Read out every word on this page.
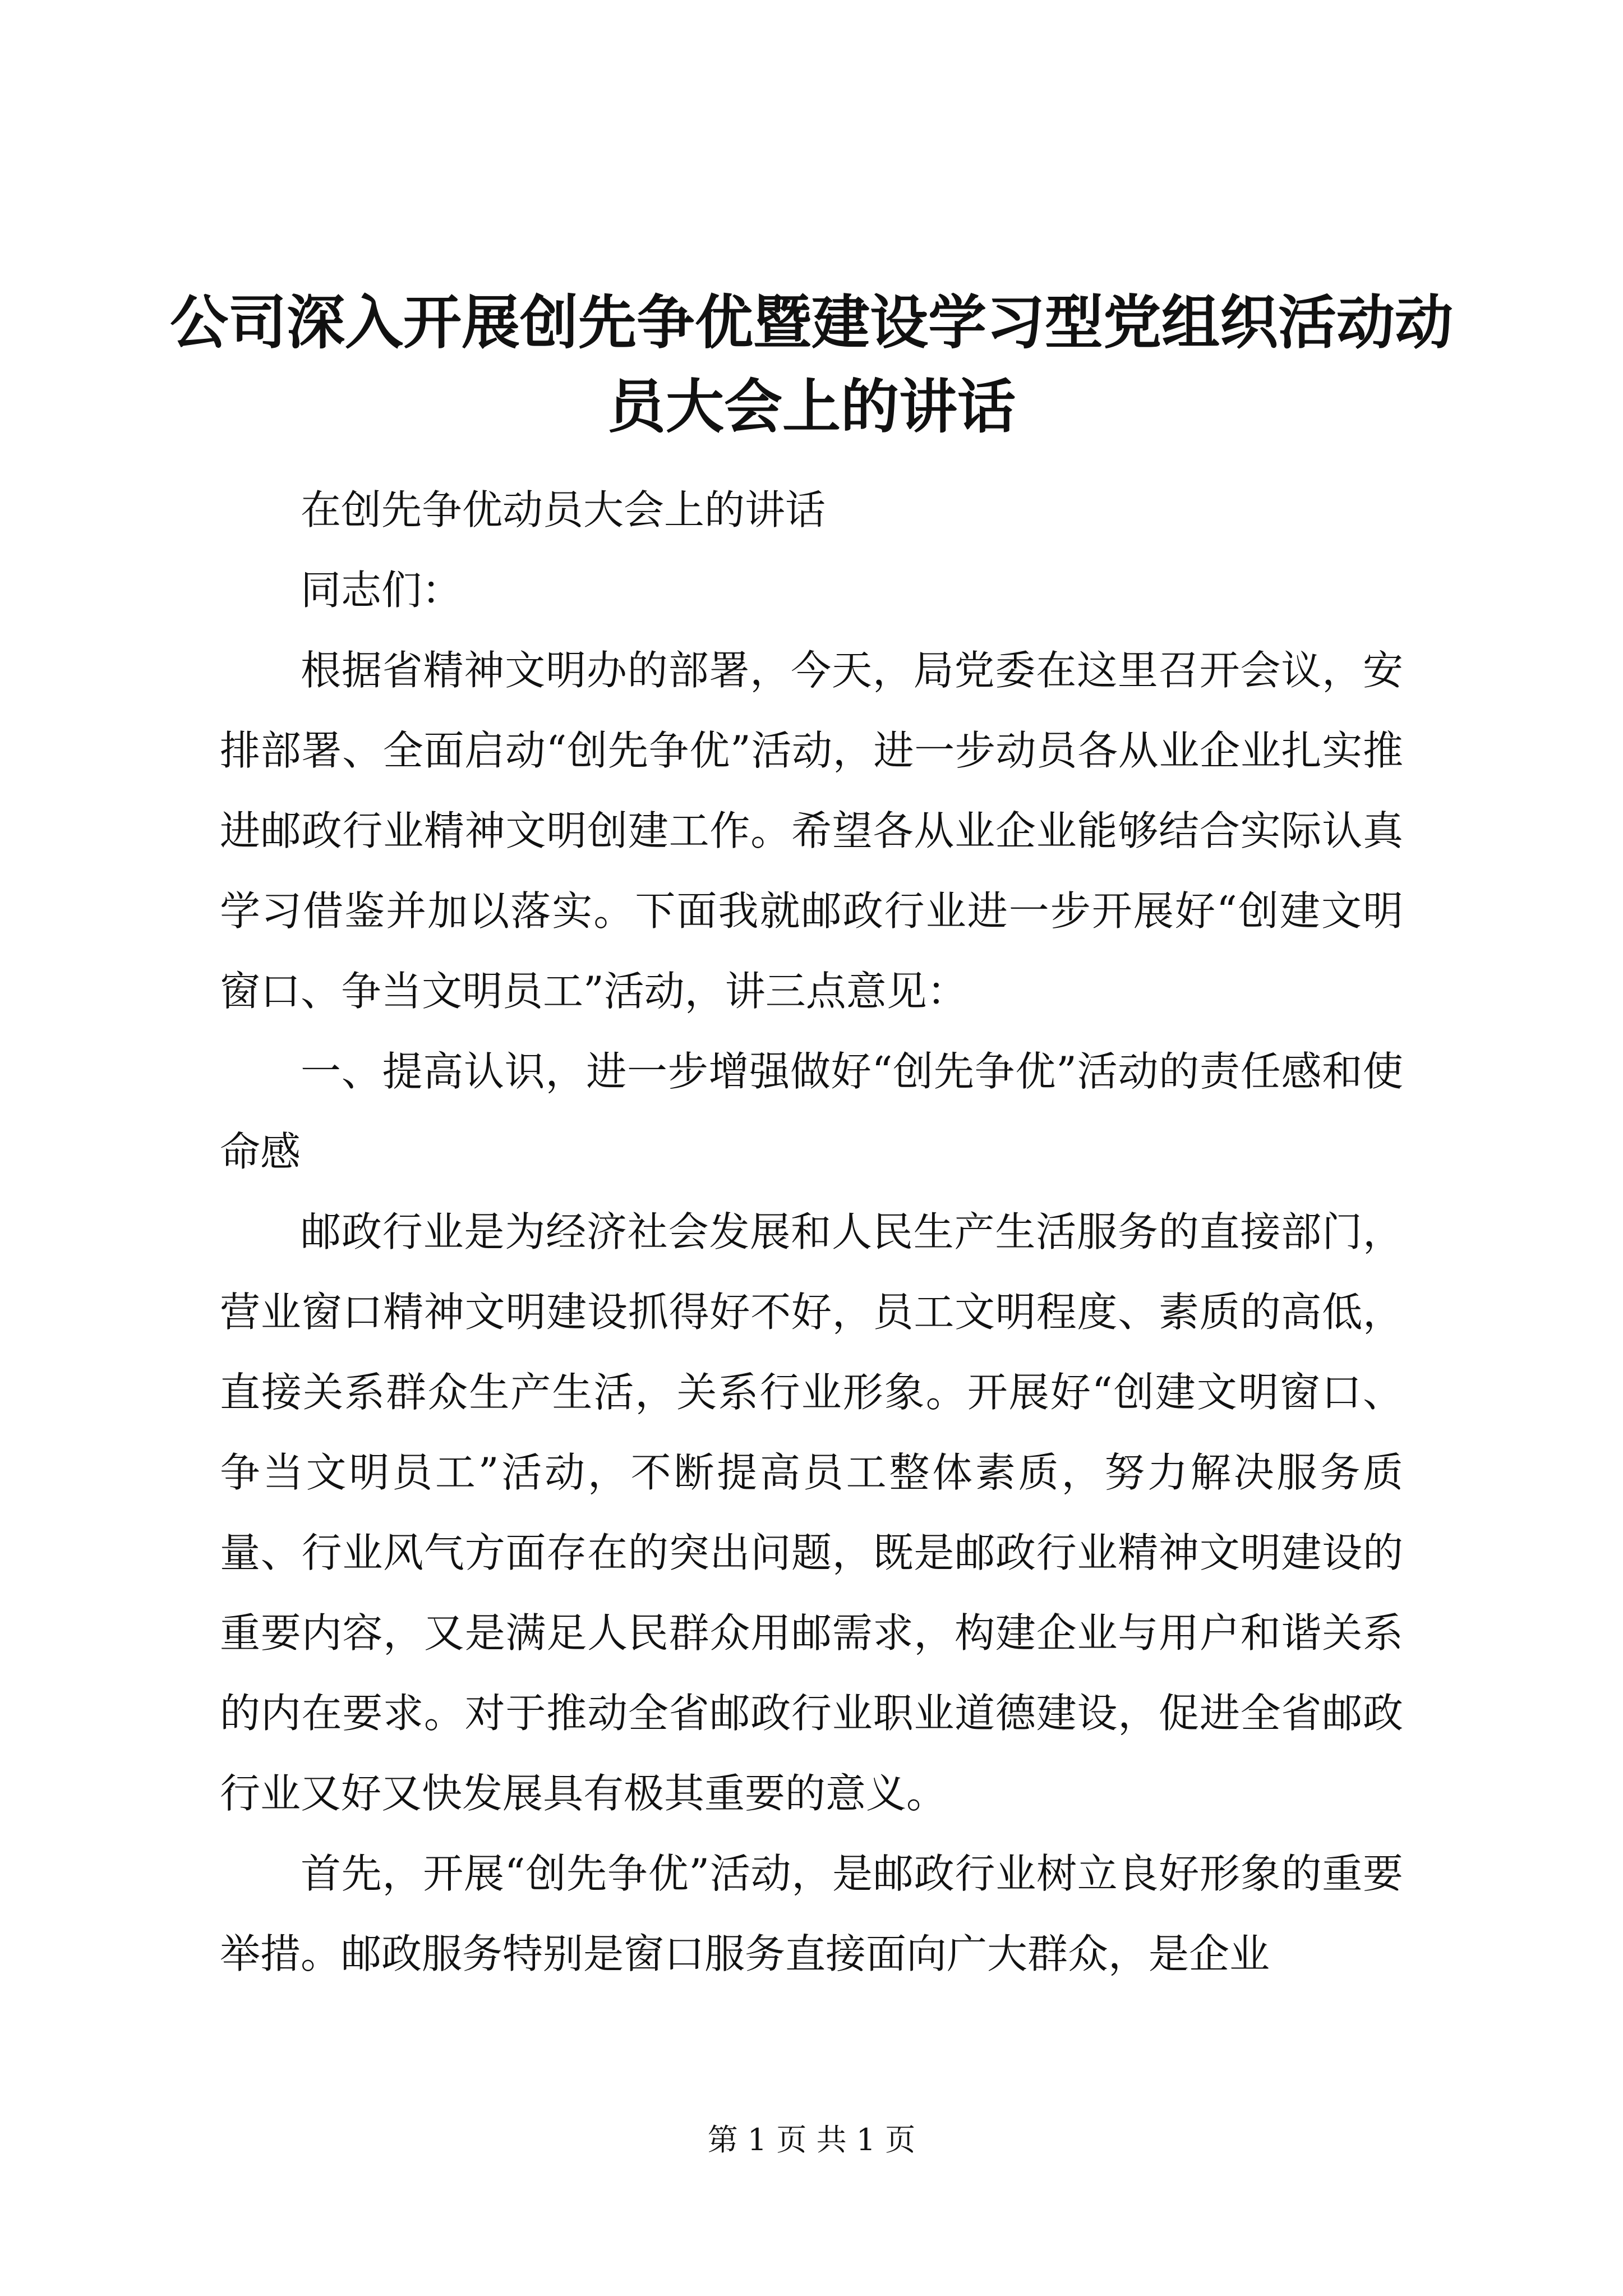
公司深入开展创先争优暨建设学习型党组织活动动员大会上的讲话

在创先争优动员大会上的讲话

同志们：

根据省精神文明办的部署，今天，局党委在这里召开会议，安排部署、全面启动“创先争优”活动，进一步动员各从业企业扎实推进邮政行业精神文明创建工作。希望各从业企业能够结合实际认真学习借鉴并加以落实。下面我就邮政行业进一步开展好“创建文明窗口、争当文明员工”活动，讲三点意见：

一、提高认识，进一步增强做好“创先争优”活动的责任感和使命感

邮政行业是为经济社会发展和人民生产生活服务的直接部门，营业窗口精神文明建设抓得好不好，员工文明程度、素质的高低，直接关系群众生产生活，关系行业形象。开展好“创建文明窗口、争当文明员工”活动，不断提高员工整体素质，努力解决服务质量、行业风气方面存在的突出问题，既是邮政行业精神文明建设的重要内容，又是满足人民群众用邮需求，构建企业与用户和谐关系的内在要求。对于推动全省邮政行业职业道德建设，促进全省邮政行业又好又快发展具有极其重要的意义。

首先，开展“创先争优”活动，是邮政行业树立良好形象的重要举措。邮政服务特别是窗口服务直接面向广大群众，是企业

第 1 页 共 1 页
